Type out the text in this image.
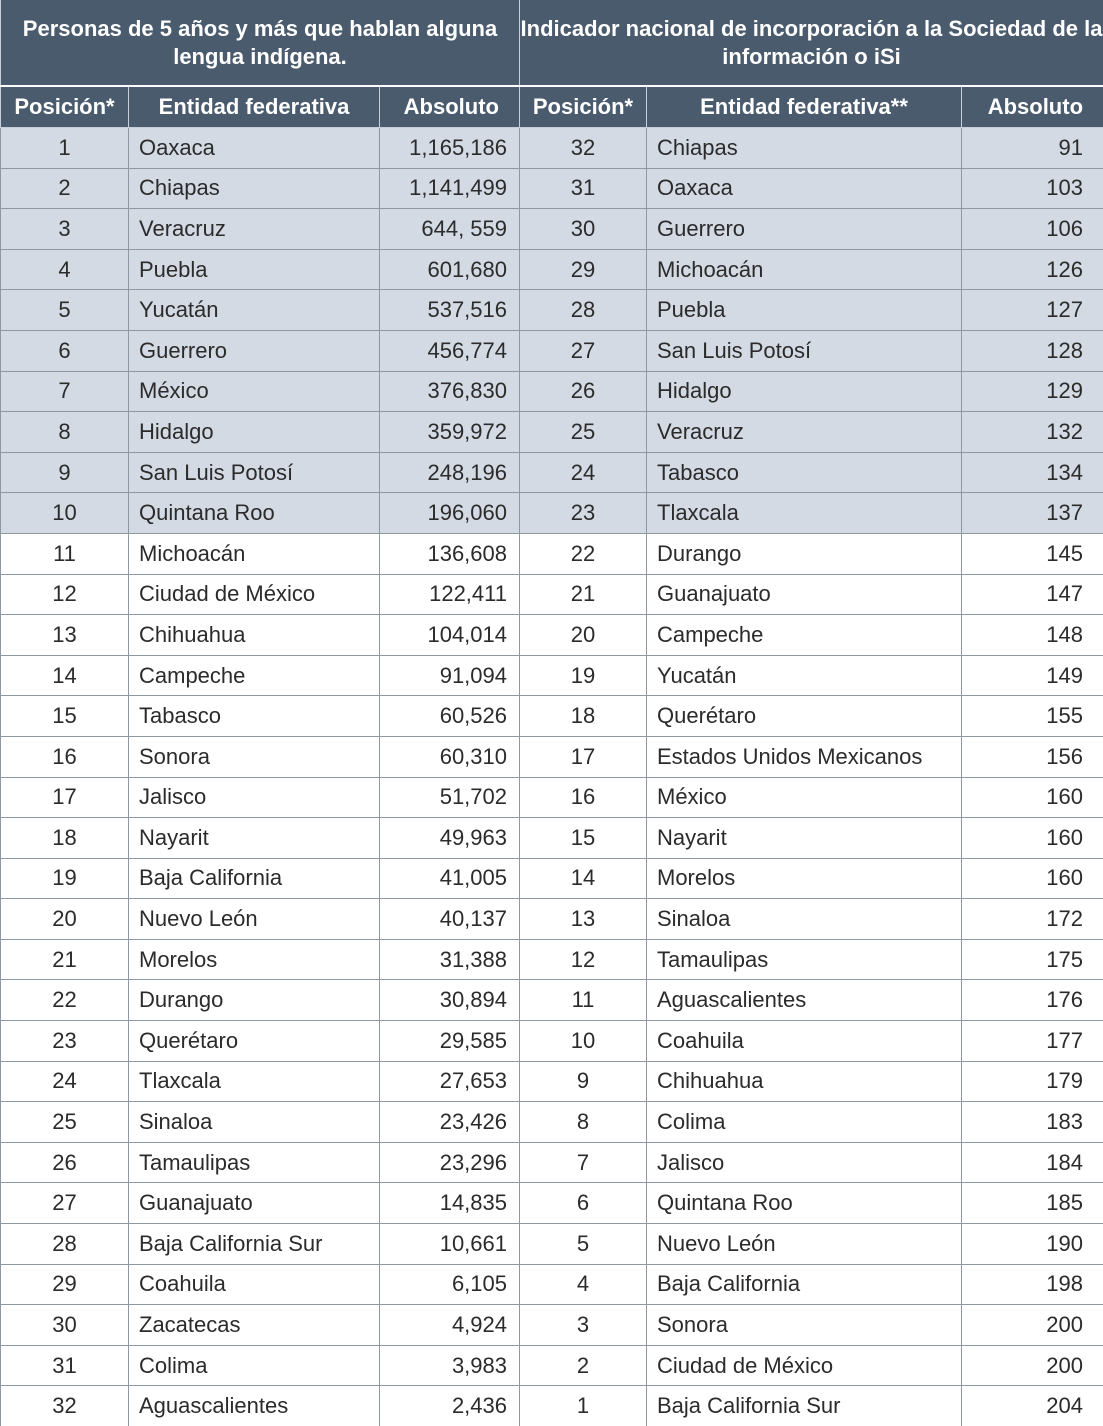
Personas de 5 años y más que hablan alguna lengua indígena.			Indicador nacional de incorporación a la Sociedad de la información o iSi		
Posición*	Entidad federativa	Absoluto	Posición*	Entidad federativa**	Absoluto
1	Oaxaca	1,165,186	32	Chiapas	91
2	Chiapas	1,141,499	31	Oaxaca	103
3	Veracruz	644, 559	30	Guerrero	106
4	Puebla	601,680	29	Michoacán	126
5	Yucatán	537,516	28	Puebla	127
6	Guerrero	456,774	27	San Luis Potosí	128
7	México	376,830	26	Hidalgo	129
8	Hidalgo	359,972	25	Veracruz	132
9	San Luis Potosí	248,196	24	Tabasco	134
10	Quintana Roo	196,060	23	Tlaxcala	137
11	Michoacán	136,608	22	Durango	145
12	Ciudad de México	122,411	21	Guanajuato	147
13	Chihuahua	104,014	20	Campeche	148
14	Campeche	91,094	19	Yucatán	149
15	Tabasco	60,526	18	Querétaro	155
16	Sonora	60,310	17	Estados Unidos Mexicanos	156
17	Jalisco	51,702	16	México	160
18	Nayarit	49,963	15	Nayarit	160
19	Baja California	41,005	14	Morelos	160
20	Nuevo León	40,137	13	Sinaloa	172
21	Morelos	31,388	12	Tamaulipas	175
22	Durango	30,894	11	Aguascalientes	176
23	Querétaro	29,585	10	Coahuila	177
24	Tlaxcala	27,653	9	Chihuahua	179
25	Sinaloa	23,426	8	Colima	183
26	Tamaulipas	23,296	7	Jalisco	184
27	Guanajuato	14,835	6	Quintana Roo	185
28	Baja California Sur	10,661	5	Nuevo León	190
29	Coahuila	6,105	4	Baja California	198
30	Zacatecas	4,924	3	Sonora	200
31	Colima	3,983	2	Ciudad de México	200
32	Aguascalientes	2,436	1	Baja California Sur	204
